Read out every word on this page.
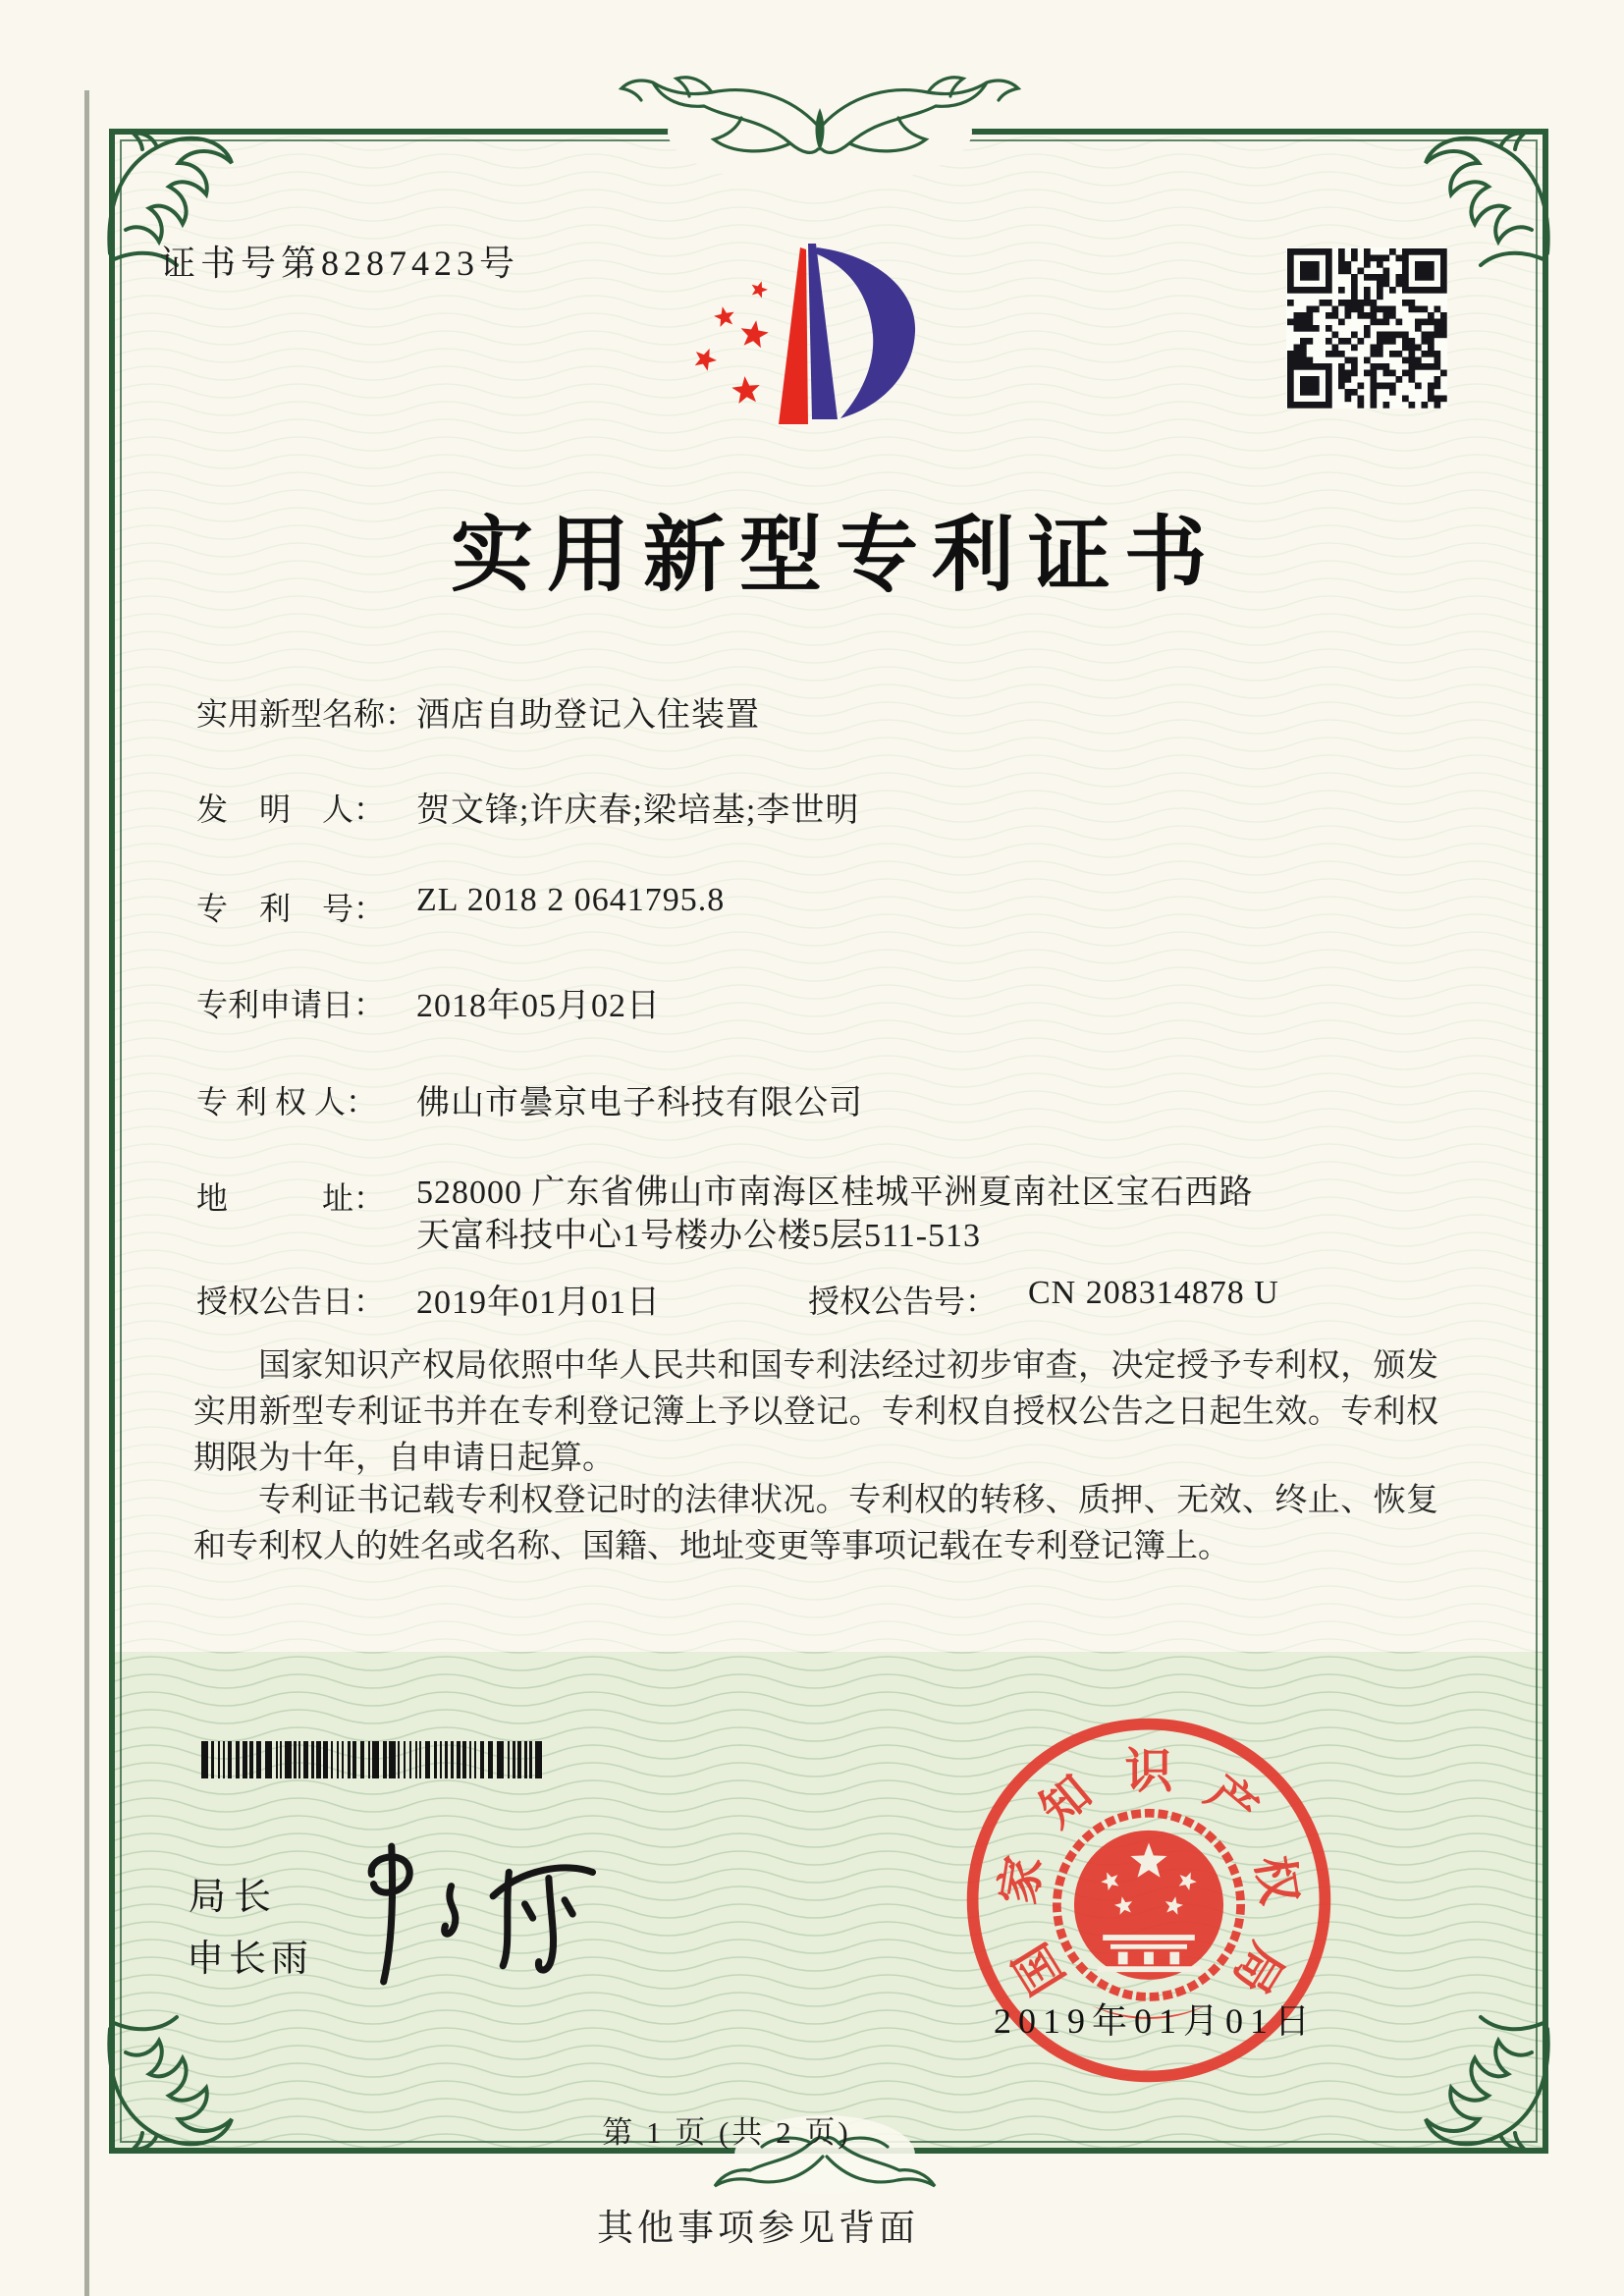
证书号第8287423号
实用新型专利证书
实用新型名称： 酒店自助登记入住装置
发　明　人： 贺文锋;许庆春;梁培基;李世明
专　利　号： ZL 2018 2 0641795.8
专利申请日： 2018年05月02日
专 利 权 人：	佛山市曇京电子科技有限公司
地　　　址： 528000 广东省佛山市南海区桂城平洲夏南社区宝石西路
天富科技中心1号楼办公楼5层511-513
授权公告日： 2019年01月01日	授权公告号： CN 208314878 U
国家知识产权局依照中华人民共和国专利法经过初步审查，决定授予专利权，颁发实用新型专利证书并在专利登记簿上予以登记。专利权自授权公告之日起生效。专利权期限为十年，自申请日起算。
专利证书记载专利权登记时的法律状况。专利权的转移、质押、无效、终止、恢复和专利权人的姓名或名称、国籍、地址变更等事项记载在专利登记簿上。
局长
申长雨	国
家
知 识 产
权
局
2019年01月01日
第 1 页 (共 2 页)
其他事项参见背面
